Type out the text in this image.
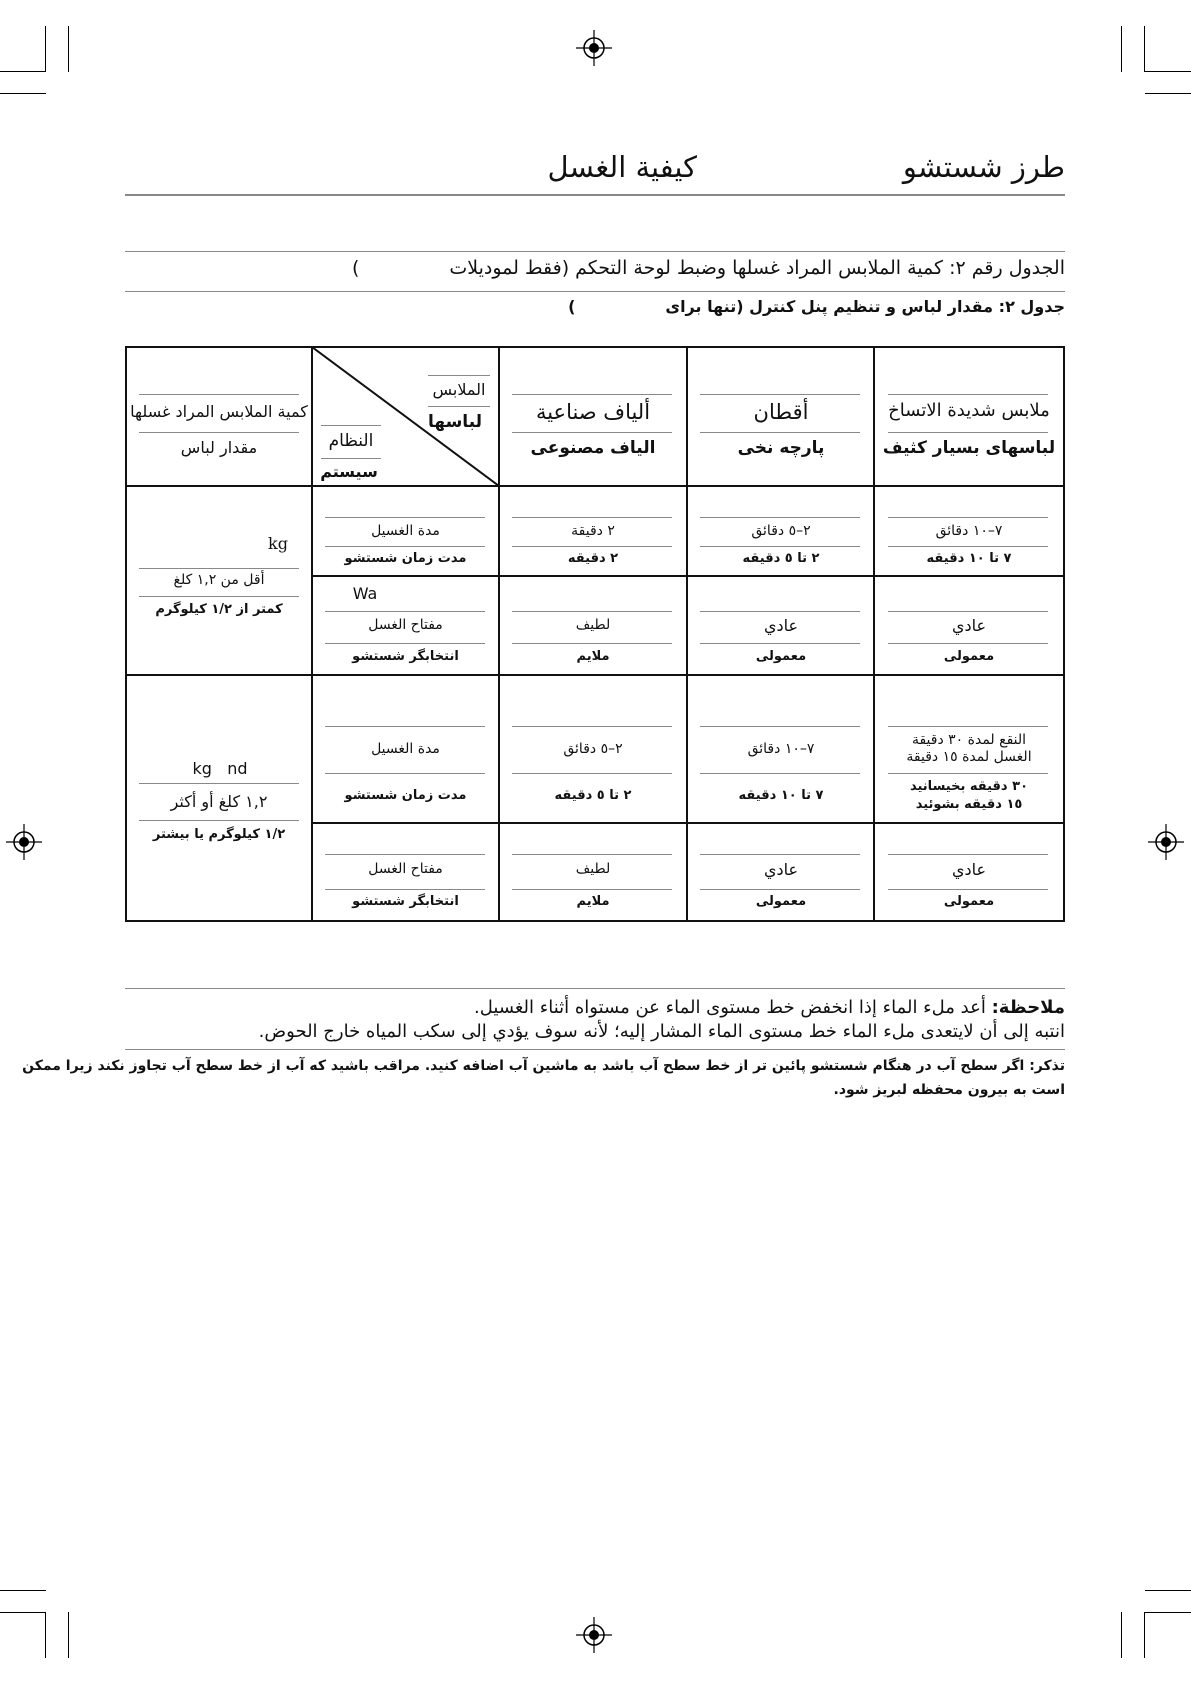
كيفية الغسل	طرز شستشو
الجدول رقم ٢: كمية الملابس المراد غسلها وضبط لوحة التحكم (فقط لموديلات)
جدول ٢: مقدار لباس و تنظيم پنل كنترل (تنها براى)
كمية الملابس المراد غسلها
مقدار لباس
الملابس
لباسها
النظام
سيستم
ألياف صناعية
الياف مصنوعى
أقطان
پارچه نخى
ملابس شديدة الاتساخ
لباسهاى بسيار كثيف
kg
أقل من ١,٢ كلغ
كمتر از ١/٢ كيلوگرم
مدة الغسيل
مدت زمان شستشو
Wa
مفتاح الغسل
انتخابگر شستشو
٢ دقيقة
٢ دقيقه
٢–٥ دقائق
٢ تا ٥ دقيقه
٧–١٠ دقائق
٧ تا ١٠ دقيقه
لطيف
ملايم
عادي
معمولى
عادي
معمولى
kg nd
١,٢ كلغ أو أكثر
١/٢ كيلوگرم يا بيشتر
مدة الغسيل
مدت زمان شستشو
مفتاح الغسل
انتخابگر شستشو
٢–٥ دقائق
٢ تا ٥ دقيقه
٧–١٠ دقائق
٧ تا ١٠ دقيقه
النقع لمدة ٣٠ دقيقة
الغسل لمدة ١٥ دقيقة
٣٠ دقيقه بخيسانيد
١٥ دقيقه بشوئيد
لطيف
ملايم
عادي
معمولى
عادي
معمولى
ملاحظة: أعد ملء الماء إذا انخفض خط مستوى الماء عن مستواه أثناء الغسيل.
انتبه إلى أن لايتعدى ملء الماء خط مستوى الماء المشار إليه؛ لأنه سوف يؤدي إلى سكب المياه خارج الحوض.
تذكر: اگر سطح آب در هنگام شستشو پائين تر از خط سطح آب باشد به ماشين آب اضافه كنيد. مراقب باشيد كه آب از خط سطح آب تجاوز نكند زيرا ممكن
است به بيرون محفظه لبريز شود.
